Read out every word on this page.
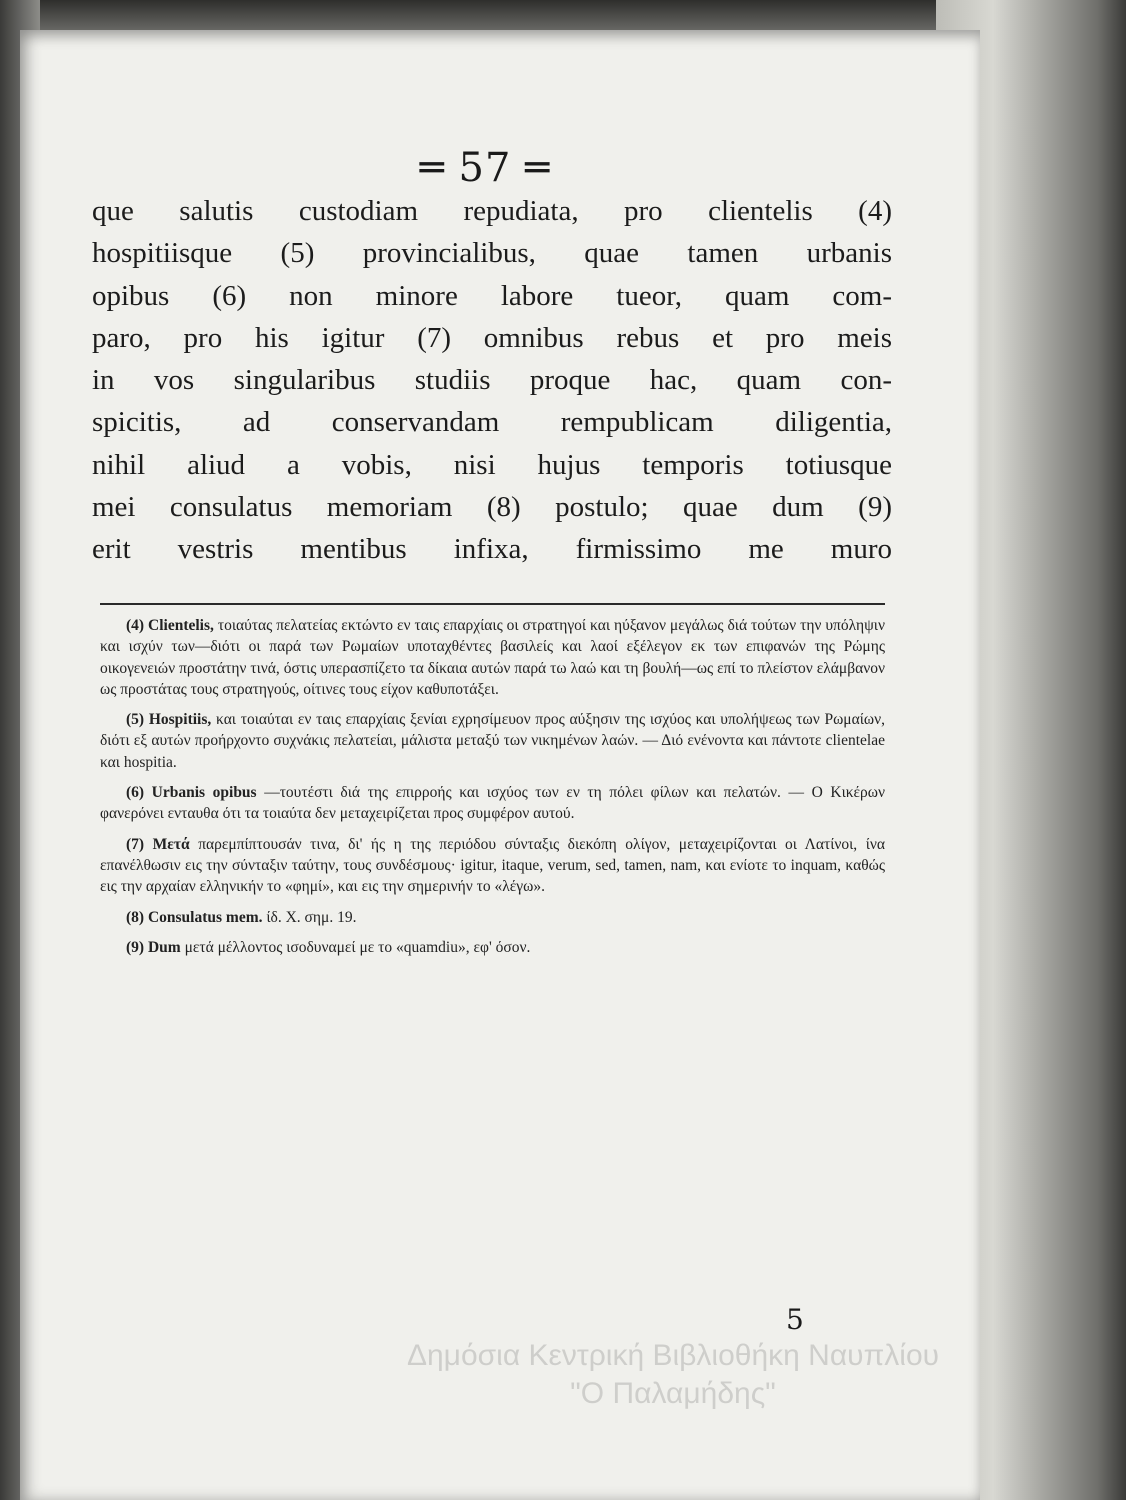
═ 57 ═
que salutis custodiam repudiata, pro clientelis (4)
hospitiisque (5) provincialibus, quae tamen urbanis
opibus (6) non minore labore tueor, quam com-
paro, pro his igitur (7) omnibus rebus et pro meis
in vos singularibus studiis proque hac, quam con-
spicitis, ad conservandam rempublicam diligentia,
nihil aliud a vobis, nisi hujus temporis totiusque
mei consulatus memoriam (8) postulo; quae dum (9)
erit vestris mentibus infixa, firmissimo me muro

(4) Clientelis, τοιαύτας πελατείας εκτώντο εν ταις επαρχίαις οι στρατηγοί και ηύξανον μεγάλως διά τούτων την υπόληψιν και ισχύν των—διότι οι παρά των Ρωμαίων υποταχθέντες βασιλείς και λαοί εξέλεγον εκ των επιφανών της Ρώμης οικογενειών προστάτην τινά, όστις υπερασπίζετο τα δίκαια αυτών παρά τω λαώ και τη βουλή—ως επί το πλείστον ελάμβανον ως προστάτας τους στρατηγούς, οίτινες τους είχον καθυποτάξει.

(5) Hospitiis, και τοιαύται εν ταις επαρχίαις ξενίαι εχρησίμευον προς αύξησιν της ισχύος και υπολήψεως των Ρωμαίων, διότι εξ αυτών προήρχοντο συχνάκις πελατείαι, μάλιστα μεταξύ των νικημένων λαών. — Διό ενένοντα και πάντοτε clientelae και hospitia.

(6) Urbanis opibus —τουτέστι διά της επιρροής και ισχύος των εν τη πόλει φίλων και πελατών. — Ο Κικέρων φανερόνει ενταυθα ότι τα τοιαύτα δεν μεταχειρίζεται προς συμφέρον αυτού.

(7) Μετά παρεμπίπτουσάν τινα, δι' ής η της περιόδου σύνταξις διεκόπη ολίγον, μεταχειρίζονται οι Λατίνοι, ίνα επανέλθωσιν εις την σύνταξιν ταύτην, τους συνδέσμους· igitur, itaque, verum, sed, tamen, nam, και ενίοτε το inquam, καθώς εις την αρχαίαν ελληνικήν το «φημί», και εις την σημερινήν το «λέγω».

(8) Consulatus mem. ίδ. Χ. σημ. 19.

(9) Dum μετά μέλλοντος ισοδυναμεί με το «quamdiu», εφ' όσον.

5
Δημόσια Κεντρική Βιβλιοθήκη Ναυπλίου
"Ο Παλαμήδης"
